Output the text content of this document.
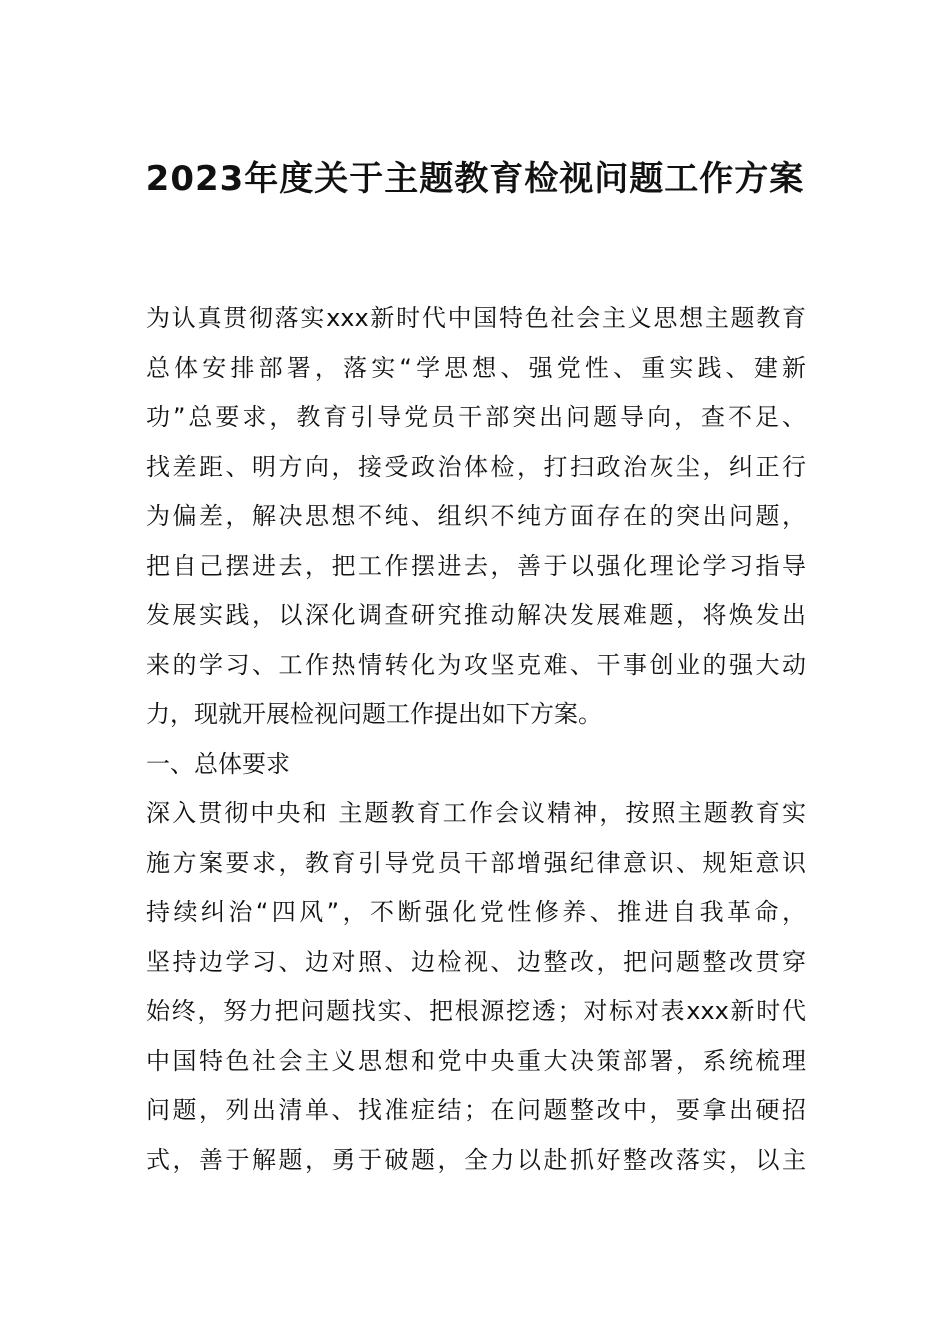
2023年度关于主题教育检视问题工作方案
为认真贯彻落实xxx新时代中国特色社会主义思想主题教育
总体安排部署，落实“学思想、强党性、重实践、建新
功”总要求，教育引导党员干部突出问题导向，查不足、
找差距、明方向，接受政治体检，打扫政治灰尘，纠正行
为偏差，解决思想不纯、组织不纯方面存在的突出问题，
把自己摆进去，把工作摆进去，善于以强化理论学习指导
发展实践，以深化调查研究推动解决发展难题，将焕发出
来的学习、工作热情转化为攻坚克难、干事创业的强大动
力，现就开展检视问题工作提出如下方案。
一、总体要求
深入贯彻中央和 主题教育工作会议精神，按照主题教育实
施方案要求，教育引导党员干部增强纪律意识、规矩意识
持续纠治“四风”，不断强化党性修养、推进自我革命，
坚持边学习、边对照、边检视、边整改，把问题整改贯穿
始终，努力把问题找实、把根源挖透；对标对表xxx新时代
中国特色社会主义思想和党中央重大决策部署，系统梳理
问题，列出清单、找准症结；在问题整改中，要拿出硬招
式，善于解题，勇于破题，全力以赴抓好整改落实，以主
